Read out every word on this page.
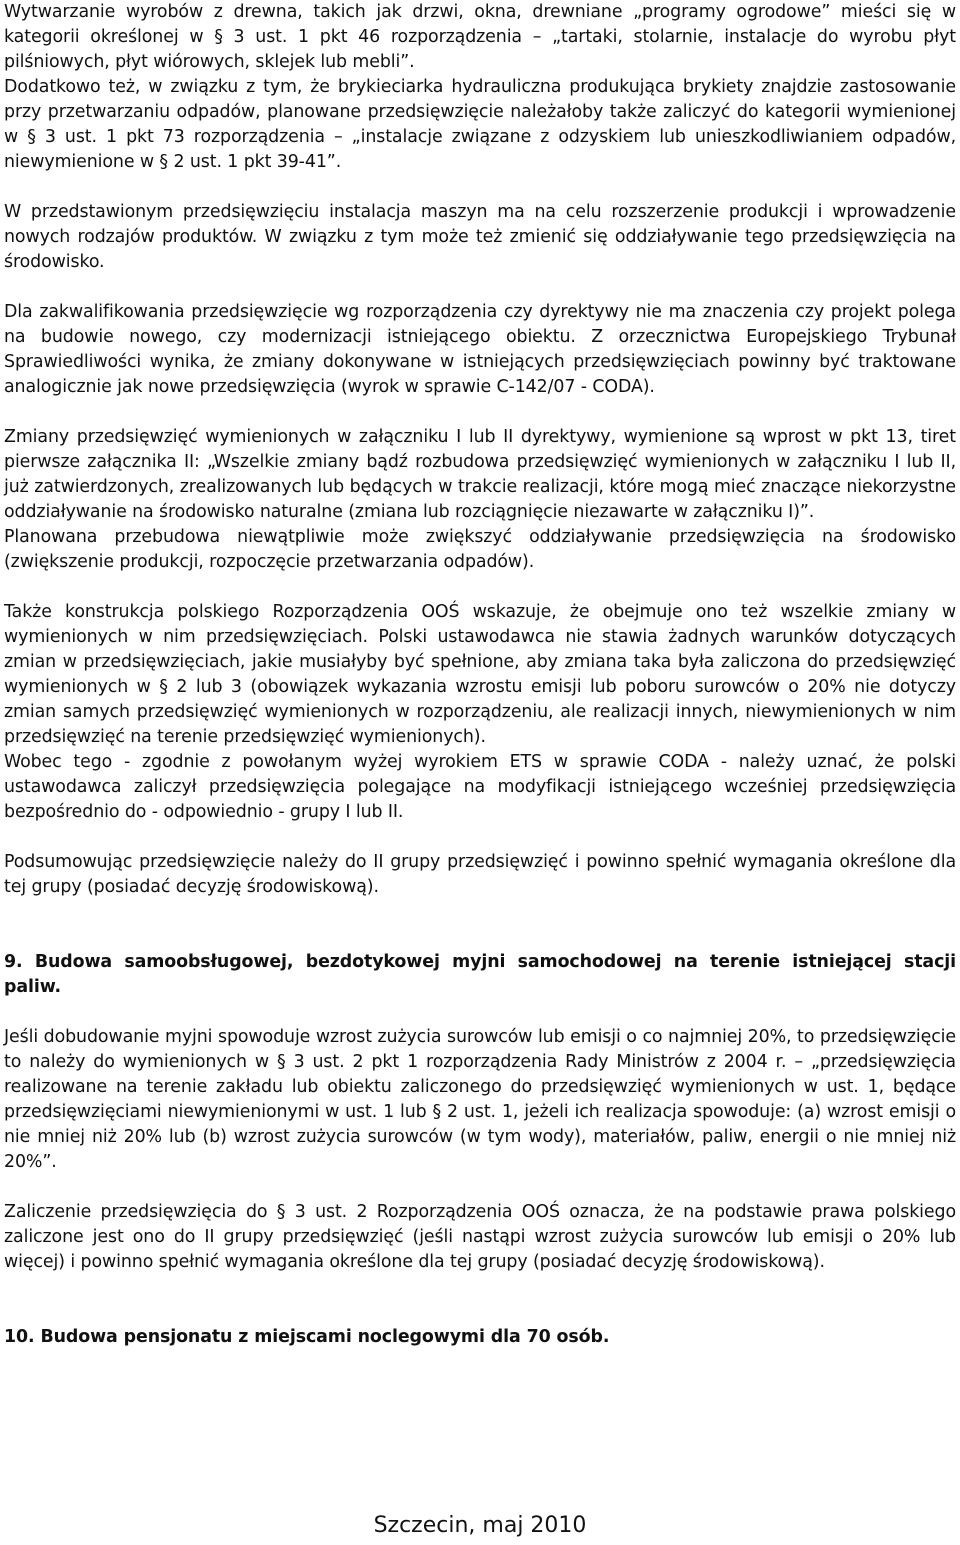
Wytwarzanie wyrobów z drewna, takich jak drzwi, okna, drewniane „programy ogrodowe” mieści się w kategorii określonej w § 3 ust. 1 pkt 46 rozporządzenia – „tartaki, stolarnie, instalacje do wyrobu płyt pilśniowych, płyt wiórowych, sklejek lub mebli”.

Dodatkowo też, w związku z tym, że brykieciarka hydrauliczna produkująca brykiety znajdzie zastosowanie przy przetwarzaniu odpadów, planowane przedsięwzięcie należałoby także zaliczyć do kategorii wymienionej w § 3 ust. 1 pkt 73 rozporządzenia – „instalacje związane z odzyskiem lub unieszkodliwianiem odpadów, niewymienione w § 2 ust. 1 pkt 39-41”.

W przedstawionym przedsięwzięciu instalacja maszyn ma na celu rozszerzenie produkcji i wprowadzenie nowych rodzajów produktów. W związku z tym może też zmienić się oddziaływanie tego przedsięwzięcia na środowisko.

Dla zakwalifikowania przedsięwzięcie wg rozporządzenia czy dyrektywy nie ma znaczenia czy projekt polega na budowie nowego, czy modernizacji istniejącego obiektu. Z orzecznictwa Europejskiego Trybunał Sprawiedliwości wynika, że zmiany dokonywane w istniejących przedsięwzięciach powinny być traktowane analogicznie jak nowe przedsięwzięcia (wyrok w sprawie C-142/07 - CODA).

Zmiany przedsięwzięć wymienionych w załączniku I lub II dyrektywy, wymienione są wprost w pkt 13, tiret pierwsze załącznika II: „Wszelkie zmiany bądź rozbudowa przedsięwzięć wymienionych w załączniku I lub II, już zatwierdzonych, zrealizowanych lub będących w trakcie realizacji, które mogą mieć znaczące niekorzystne oddziaływanie na środowisko naturalne (zmiana lub rozciągnięcie niezawarte w załączniku I)”.

Planowana przebudowa niewątpliwie może zwiększyć oddziaływanie przedsięwzięcia na środowisko (zwiększenie produkcji, rozpoczęcie przetwarzania odpadów).

Także konstrukcja polskiego Rozporządzenia OOŚ wskazuje, że obejmuje ono też wszelkie zmiany w wymienionych w nim przedsięwzięciach. Polski ustawodawca nie stawia żadnych warunków dotyczących zmian w przedsięwzięciach, jakie musiałyby być spełnione, aby zmiana taka była zaliczona do przedsięwzięć wymienionych w § 2 lub 3 (obowiązek wykazania wzrostu emisji lub poboru surowców o 20% nie dotyczy zmian samych przedsięwzięć wymienionych w rozporządzeniu, ale realizacji innych, niewymienionych w nim przedsięwzięć na terenie przedsięwzięć wymienionych).

Wobec tego - zgodnie z powołanym wyżej wyrokiem ETS w sprawie CODA - należy uznać, że polski ustawodawca zaliczył przedsięwzięcia polegające na modyfikacji istniejącego wcześniej przedsięwzięcia bezpośrednio do - odpowiednio - grupy I lub II.

Podsumowując przedsięwzięcie należy do II grupy przedsięwzięć i powinno spełnić wymagania określone dla tej grupy (posiadać decyzję środowiskową).

9. Budowa samoobsługowej, bezdotykowej myjni samochodowej na terenie istniejącej stacji paliw.

Jeśli dobudowanie myjni spowoduje wzrost zużycia surowców lub emisji o co najmniej 20%, to przedsięwzięcie to należy do wymienionych w § 3 ust. 2 pkt 1 rozporządzenia Rady Ministrów z 2004 r. – „przedsięwzięcia realizowane na terenie zakładu lub obiektu zaliczonego do przedsięwzięć wymienionych w ust. 1, będące przedsięwzięciami niewymienionymi w ust. 1 lub § 2 ust. 1, jeżeli ich realizacja spowoduje: (a) wzrost emisji o nie mniej niż 20% lub (b) wzrost zużycia surowców (w tym wody), materiałów, paliw, energii o nie mniej niż 20%”.

Zaliczenie przedsięwzięcia do § 3 ust. 2 Rozporządzenia OOŚ oznacza, że na podstawie prawa polskiego zaliczone jest ono do II grupy przedsięwzięć (jeśli nastąpi wzrost zużycia surowców lub emisji o 20% lub więcej) i powinno spełnić wymagania określone dla tej grupy (posiadać decyzję środowiskową).

10. Budowa pensjonatu z miejscami noclegowymi dla 70 osób.

Szczecin, maj 2010
